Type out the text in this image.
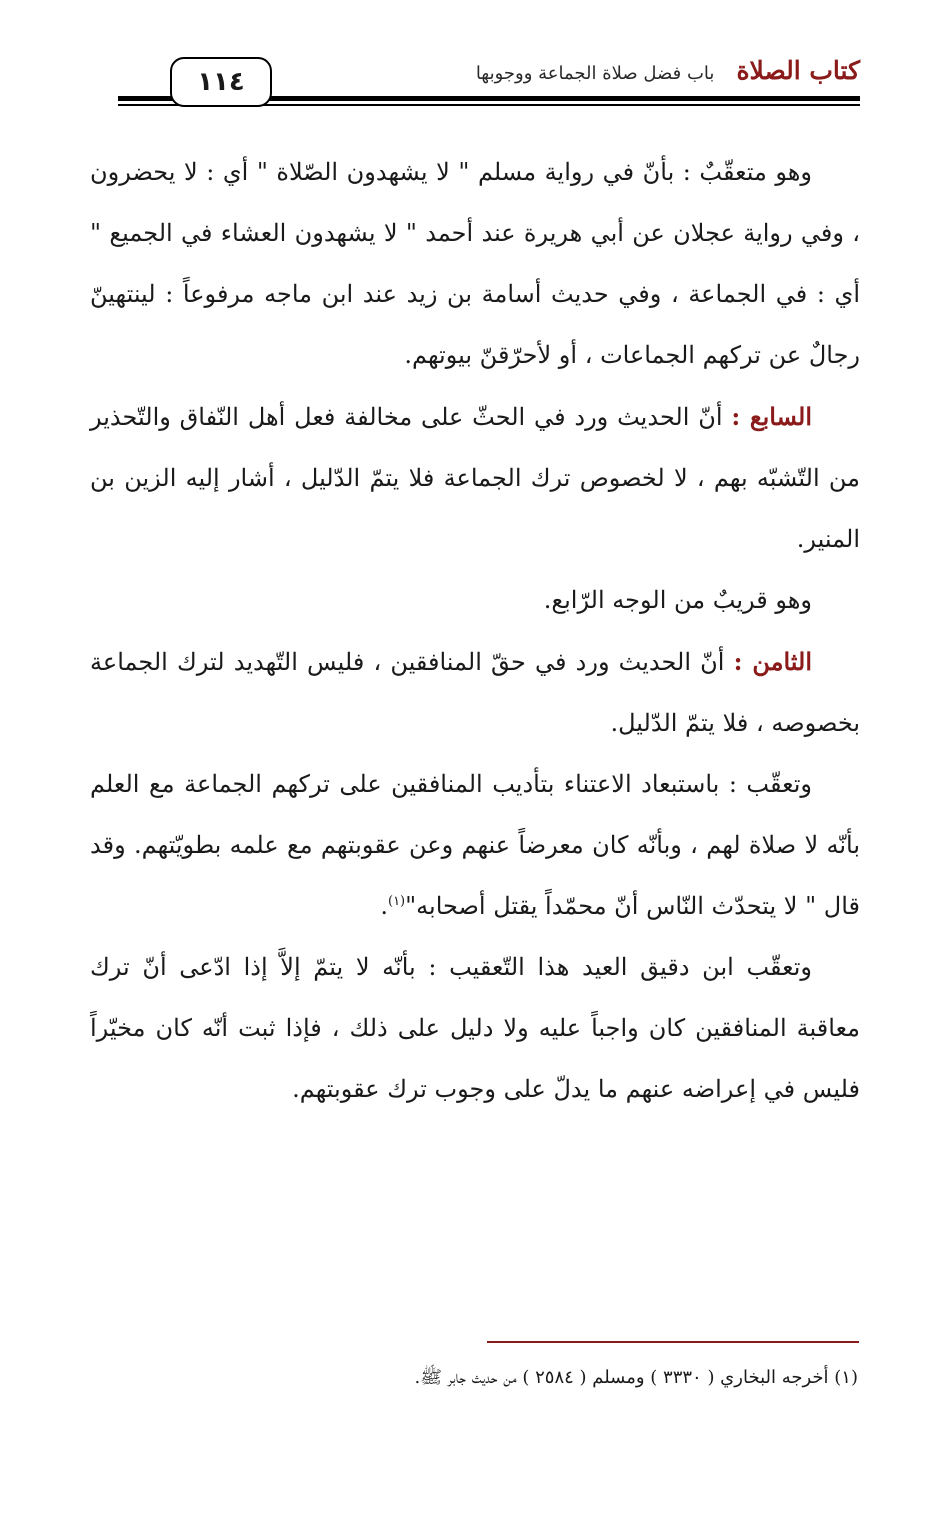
كتاب الصلاة
باب فضل صلاة الجماعة ووجوبها
١١٤

وهو متعقّبٌ : بأنّ في رواية مسلم " لا يشهدون الصّلاة " أي : لا يحضرون ، وفي رواية عجلان عن أبي هريرة عند أحمد " لا يشهدون العشاء في الجميع " أي : في الجماعة ، وفي حديث أسامة بن زيد عند ابن ماجه مرفوعاً : لينتهينّ رجالٌ عن تركهم الجماعات ، أو لأحرّقنّ بيوتهم.

السابع : أنّ الحديث ورد في الحثّ على مخالفة فعل أهل النّفاق والتّحذير من التّشبّه بهم ، لا لخصوص ترك الجماعة فلا يتمّ الدّليل ، أشار إليه الزين بن المنير.

وهو قريبٌ من الوجه الرّابع.

الثامن : أنّ الحديث ورد في حقّ المنافقين ، فليس التّهديد لترك الجماعة بخصوصه ، فلا يتمّ الدّليل.

وتعقّب : باستبعاد الاعتناء بتأديب المنافقين على تركهم الجماعة مع العلم بأنّه لا صلاة لهم ، وبأنّه كان معرضاً عنهم وعن عقوبتهم مع علمه بطويّتهم. وقد قال " لا يتحدّث النّاس أنّ محمّداً يقتل أصحابه"$^{(١)}$.

وتعقّب ابن دقيق العيد هذا التّعقيب : بأنّه لا يتمّ إلاَّ إذا ادّعى أنّ ترك معاقبة المنافقين كان واجباً عليه ولا دليل على ذلك ، فإذا ثبت أنّه كان مخيّراً فليس في إعراضه عنهم ما يدلّ على وجوب ترك عقوبتهم.

(١) أخرجه البخاري ( ٣٣٣٠ ) ومسلم ( ٢٥٨٤ ) من حديث جابر ﷺ.
